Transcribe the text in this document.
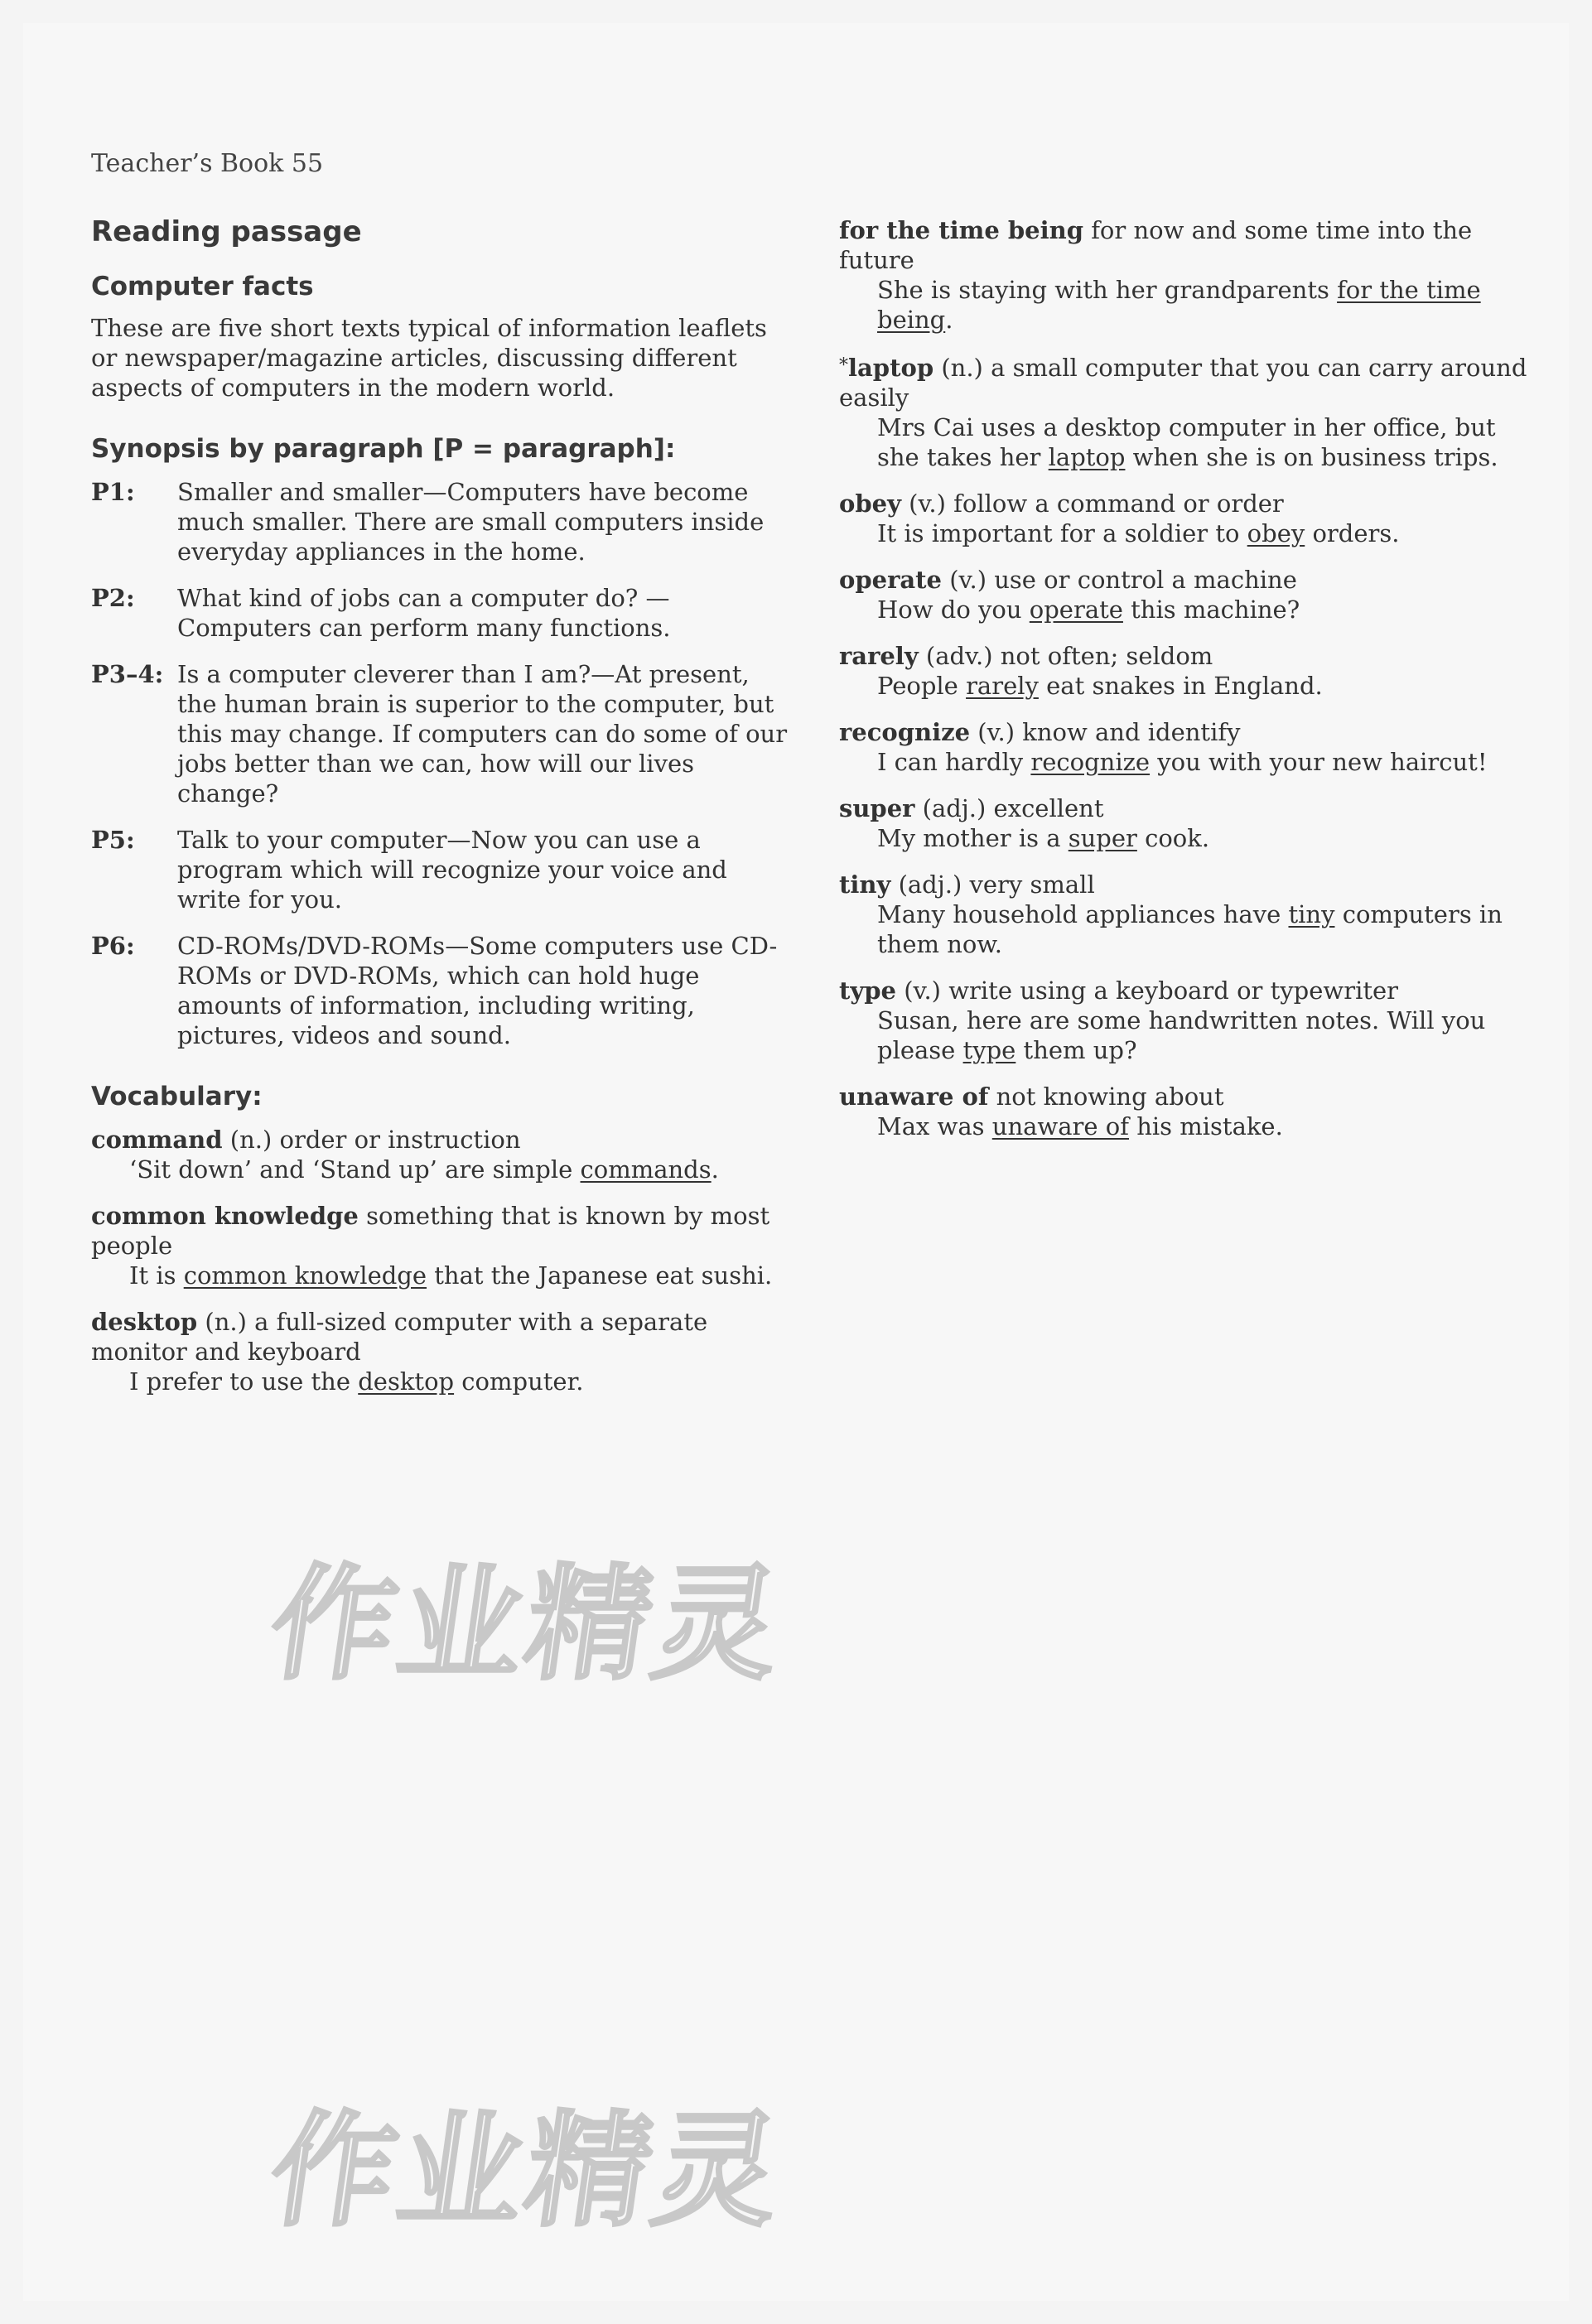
Teacher’s Book 55
Reading passage
Computer facts

These are five short texts typical of information leaflets or newspaper/magazine articles, discussing different aspects of computers in the modern world.

Synopsis by paragraph [P = paragraph]:
P1:	Smaller and smaller—Computers have become much smaller. There are small computers inside everyday appliances in the home.
P2:	What kind of jobs can a computer do? —Computers can perform many functions.
P3–4: Is a computer cleverer than I am?—At present, the human brain is superior to the computer, but this may change. If computers can do some of our jobs better than we can, how will our lives change?
P5:	Talk to your computer—Now you can use a program which will recognize your voice and write for you.
P6:	CD-ROMs/DVD-ROMs—Some computers use CD-ROMs or DVD-ROMs, which can hold huge amounts of information, including writing, pictures, videos and sound.
Vocabulary:
command (n.) order or instruction
‘Sit down’ and ‘Stand up’ are simple commands.
common knowledge something that is known by most people
It is common knowledge that the Japanese eat sushi.
desktop (n.) a full-sized computer with a separate monitor and keyboard
I prefer to use the desktop computer.
for the time being for now and some time into the future
She is staying with her grandparents for the time being.
*laptop (n.) a small computer that you can carry around easily
Mrs Cai uses a desktop computer in her office, but she takes her laptop when she is on business trips.
obey (v.) follow a command or order
It is important for a soldier to obey orders.
operate (v.) use or control a machine
How do you operate this machine?
rarely (adv.) not often; seldom
People rarely eat snakes in England.
recognize (v.) know and identify
I can hardly recognize you with your new haircut!
super (adj.) excellent
My mother is a super cook.
tiny (adj.) very small
Many household appliances have tiny computers in them now.
type (v.) write using a keyboard or typewriter
Susan, here are some handwritten notes. Will you please type them up?
unaware of not knowing about
Max was unaware of his mistake.
作业精灵
作业精灵
